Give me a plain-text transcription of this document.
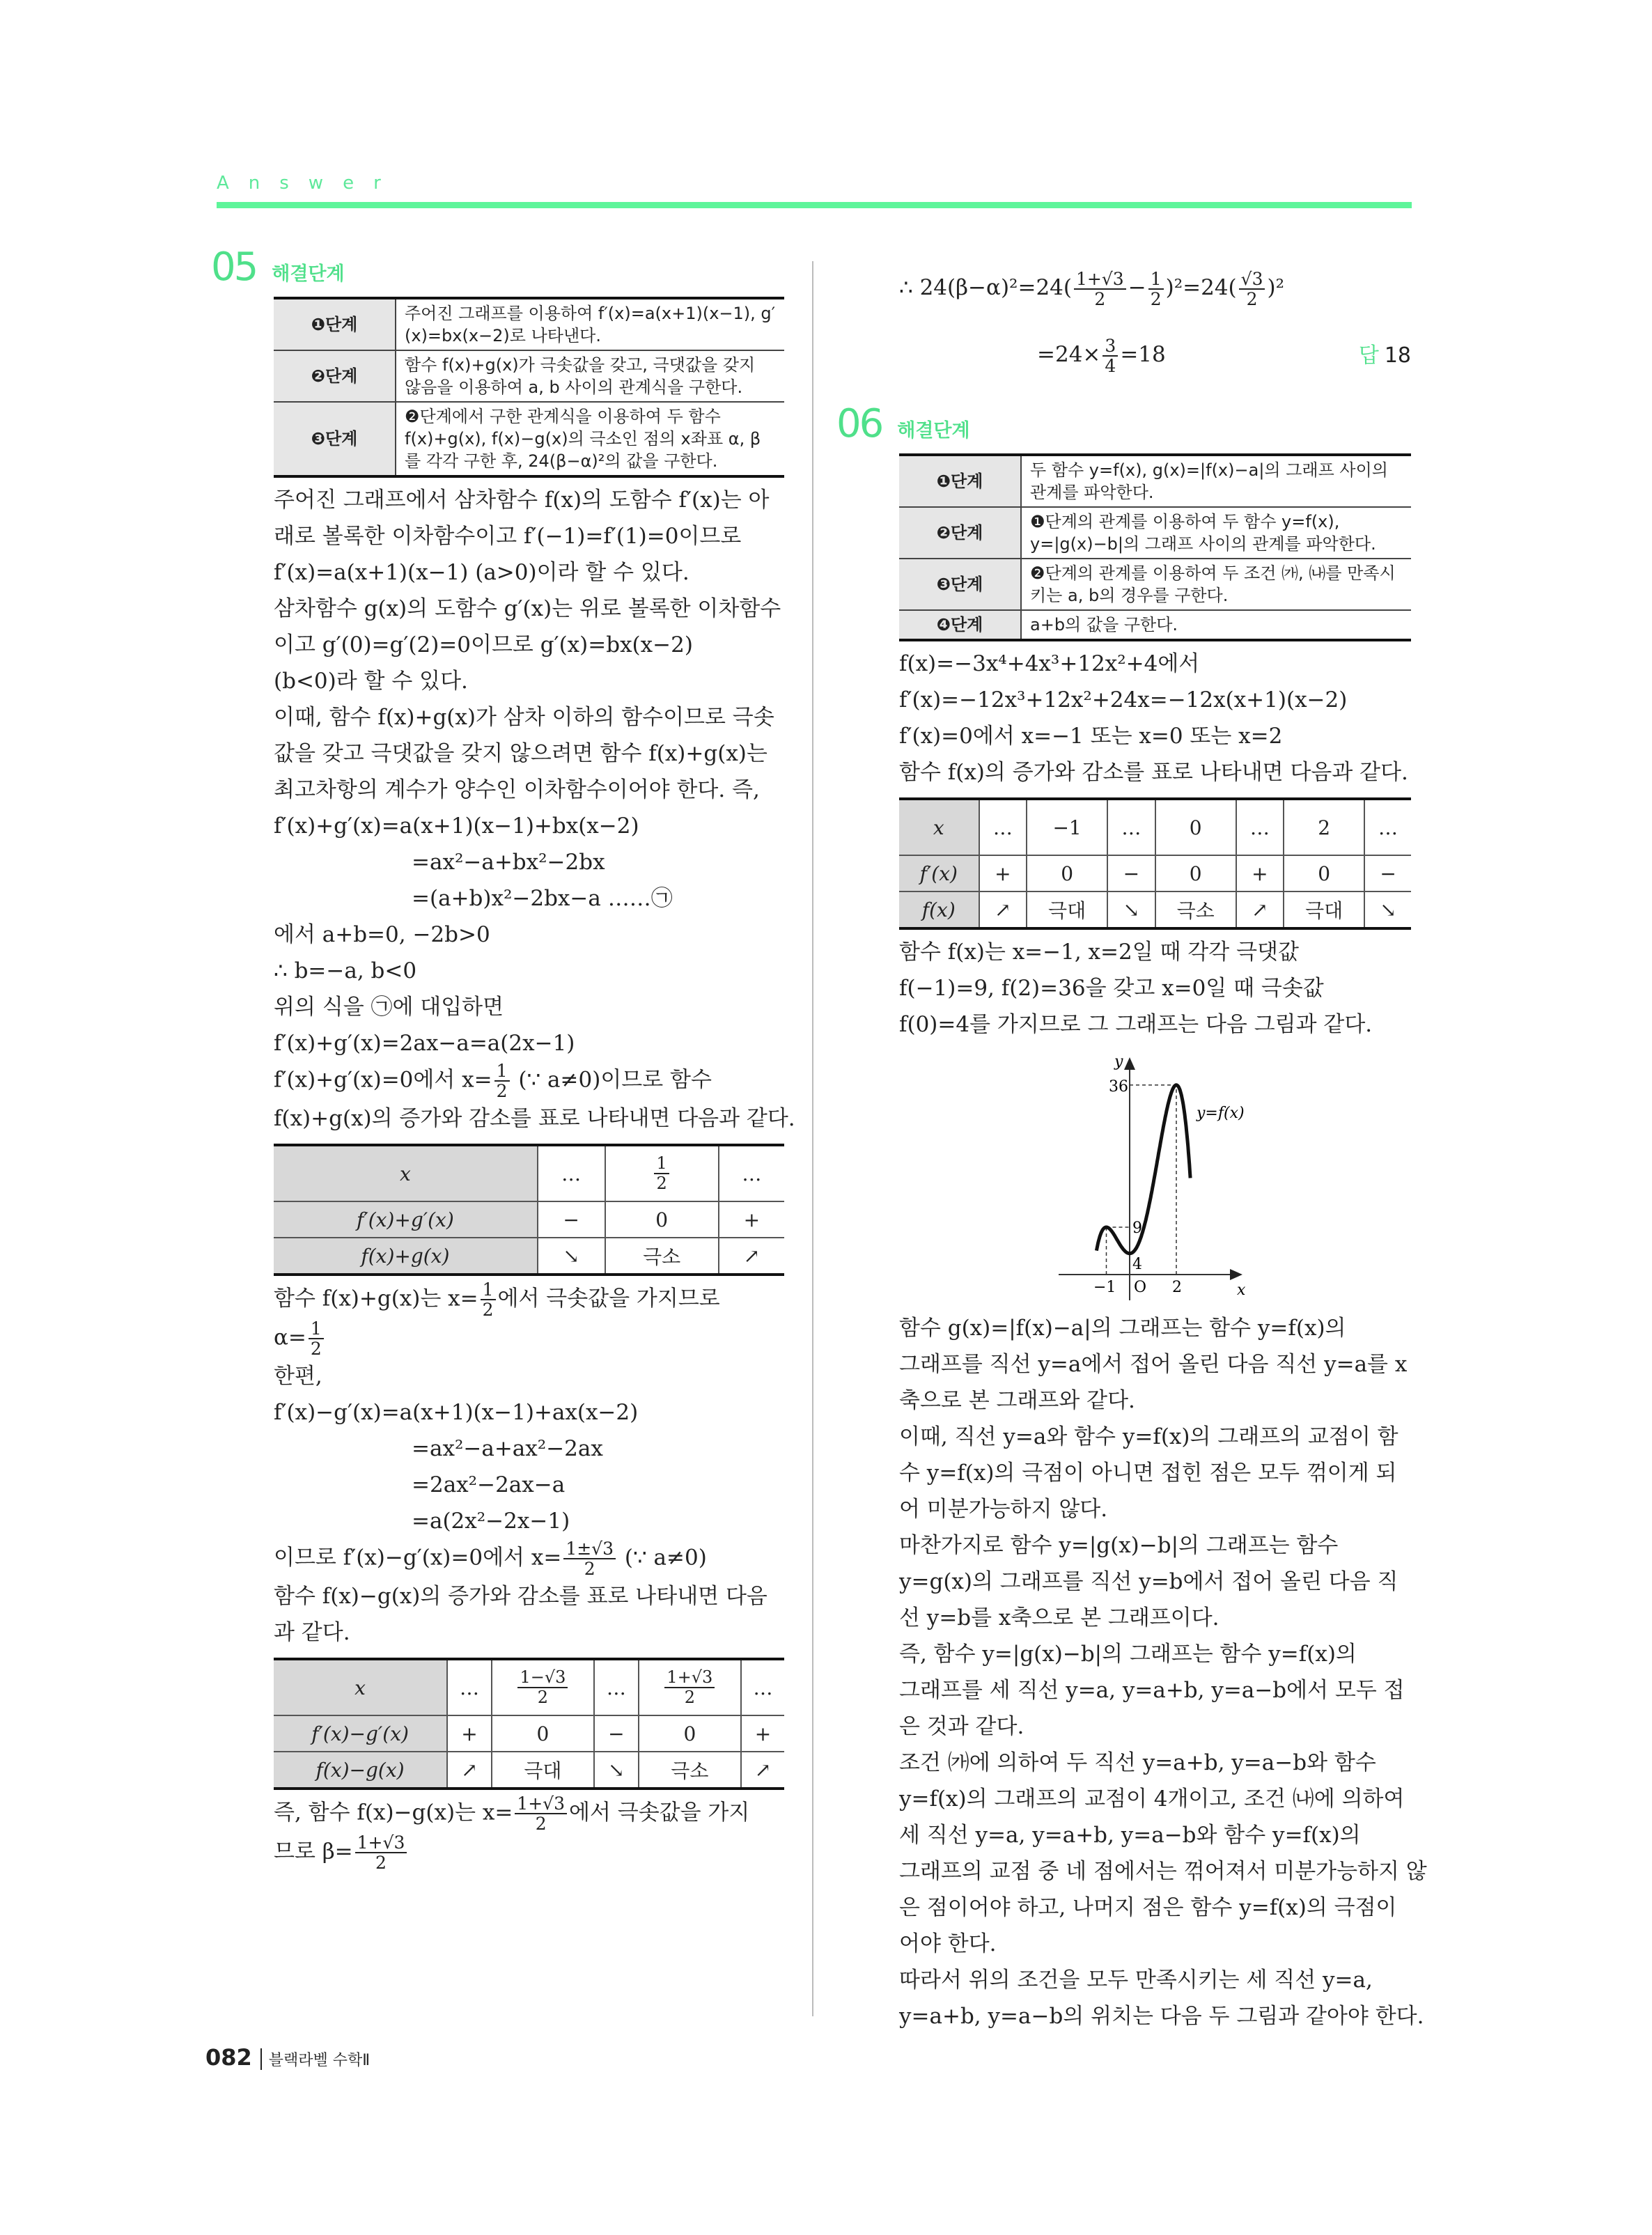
Answer
05 해결단계
❶단계	주어진 그래프를 이용하여 f′(x)=a(x+1)(x−1), g′(x)=bx(x−2)로 나타낸다.
❷단계	함수 f(x)+g(x)가 극솟값을 갖고, 극댓값을 갖지 않음을 이용하여 a, b 사이의 관계식을 구한다.
❸단계	❷단계에서 구한 관계식을 이용하여 두 함수 f(x)+g(x), f(x)−g(x)의 극소인 점의 x좌표 α, β를 각각 구한 후, 24(β−α)²의 값을 구한다.
주어진 그래프에서 삼차함수 f(x)의 도함수 f′(x)는 아
래로 볼록한 이차함수이고 f′(−1)=f′(1)=0이므로
f′(x)=a(x+1)(x−1) (a>0)이라 할 수 있다.
삼차함수 g(x)의 도함수 g′(x)는 위로 볼록한 이차함수
이고 g′(0)=g′(2)=0이므로 g′(x)=bx(x−2)
(b<0)라 할 수 있다.
이때, 함수 f(x)+g(x)가 삼차 이하의 함수이므로 극솟
값을 갖고 극댓값을 갖지 않으려면 함수 f(x)+g(x)는
최고차항의 계수가 양수인 이차함수이어야 한다. 즉,
f′(x)+g′(x)=a(x+1)(x−1)+bx(x−2)
=ax²−a+bx²−2bx
=(a+b)x²−2bx−a ……㉠
에서 a+b=0, −2b>0
∴ b=−a, b<0
위의 식을 ㉠에 대입하면
f′(x)+g′(x)=2ax−a=a(2x−1)
f′(x)+g′(x)=0에서 $x= \frac{1}{2}$ (∵ a≠0)이므로 함수
f(x)+g(x)의 증가와 감소를 표로 나타내면 다음과 같다.
x	…	$\frac{1}{2}$	…
f′(x)+g′(x)	−	0	+
f(x)+g(x)	↘	극소	↗
함수 f(x)+g(x)는 $x= \frac{1}{2}$ 에서 극솟값을 가지므로
$\alpha= \frac{1}{2}$
한편,
f′(x)−g′(x)=a(x+1)(x−1)+ax(x−2)
=ax²−a+ax²−2ax
=2ax²−2ax−a
=a(2x²−2x−1)
이므로 f′(x)−g′(x)=0에서 $x= \frac{1\pm√3}{2}$ (∵ a≠0)
함수 f(x)−g(x)의 증가와 감소를 표로 나타내면 다음
과 같다.
x	…	$\frac{1-√3}{2}$	…	$\frac{1+√3}{2}$	…
f′(x)−g′(x)	+	0	−	0	+
f(x)−g(x)	↗	극대	↘	극소	↗
즉, 함수 f(x)−g(x)는 $x= \frac{1+√3}{2}$ 에서 극솟값을 가지
므로 $\beta= \frac{1+√3}{2}$
∴ $24(\beta-\alpha)^2=24( \frac{1+√3}{2} - \frac{1}{2} )^2=24( \frac{√3}{2} )^2$
$=24\times \frac{3}{4} =18$	답 18
06 해결단계
❶단계	두 함수 y=f(x), g(x)=|f(x)−a|의 그래프 사이의 관계를 파악한다.
❷단계	❶단계의 관계를 이용하여 두 함수 y=f(x), y=|g(x)−b|의 그래프 사이의 관계를 파악한다.
❸단계	❷단계의 관계를 이용하여 두 조건 ㈎, ㈏를 만족시키는 a, b의 경우를 구한다.
❹단계	a+b의 값을 구한다.
f(x)=−3x⁴+4x³+12x²+4에서
f′(x)=−12x³+12x²+24x=−12x(x+1)(x−2)
f′(x)=0에서 x=−1 또는 x=0 또는 x=2
함수 f(x)의 증가와 감소를 표로 나타내면 다음과 같다.
x	…	−1	…	0	…	2	…
f′(x)	+	0	−	0	+	0	−
f(x)	↗	극대	↘	극소	↗	극대	↘
함수 f(x)는 x=−1, x=2일 때 각각 극댓값
f(−1)=9, f(2)=36을 갖고 x=0일 때 극솟값
f(0)=4를 가지므로 그 그래프는 다음 그림과 같다.
y
x
O
36
9
4
−1	2
y=f(x)
함수 g(x)=|f(x)−a|의 그래프는 함수 y=f(x)의
그래프를 직선 y=a에서 접어 올린 다음 직선 y=a를 x
축으로 본 그래프와 같다.
이때, 직선 y=a와 함수 y=f(x)의 그래프의 교점이 함
수 y=f(x)의 극점이 아니면 접힌 점은 모두 꺾이게 되
어 미분가능하지 않다.
마찬가지로 함수 y=|g(x)−b|의 그래프는 함수
y=g(x)의 그래프를 직선 y=b에서 접어 올린 다음 직
선 y=b를 x축으로 본 그래프이다.
즉, 함수 y=|g(x)−b|의 그래프는 함수 y=f(x)의
그래프를 세 직선 y=a, y=a+b, y=a−b에서 모두 접
은 것과 같다.
조건 ㈎에 의하여 두 직선 y=a+b, y=a−b와 함수
y=f(x)의 그래프의 교점이 4개이고, 조건 ㈏에 의하여
세 직선 y=a, y=a+b, y=a−b와 함수 y=f(x)의
그래프의 교점 중 네 점에서는 꺾어져서 미분가능하지 않
은 점이어야 하고, 나머지 점은 함수 y=f(x)의 극점이
어야 한다.
따라서 위의 조건을 모두 만족시키는 세 직선 y=a,
y=a+b, y=a−b의 위치는 다음 두 그림과 같아야 한다.
082	블랙라벨 수학Ⅱ
